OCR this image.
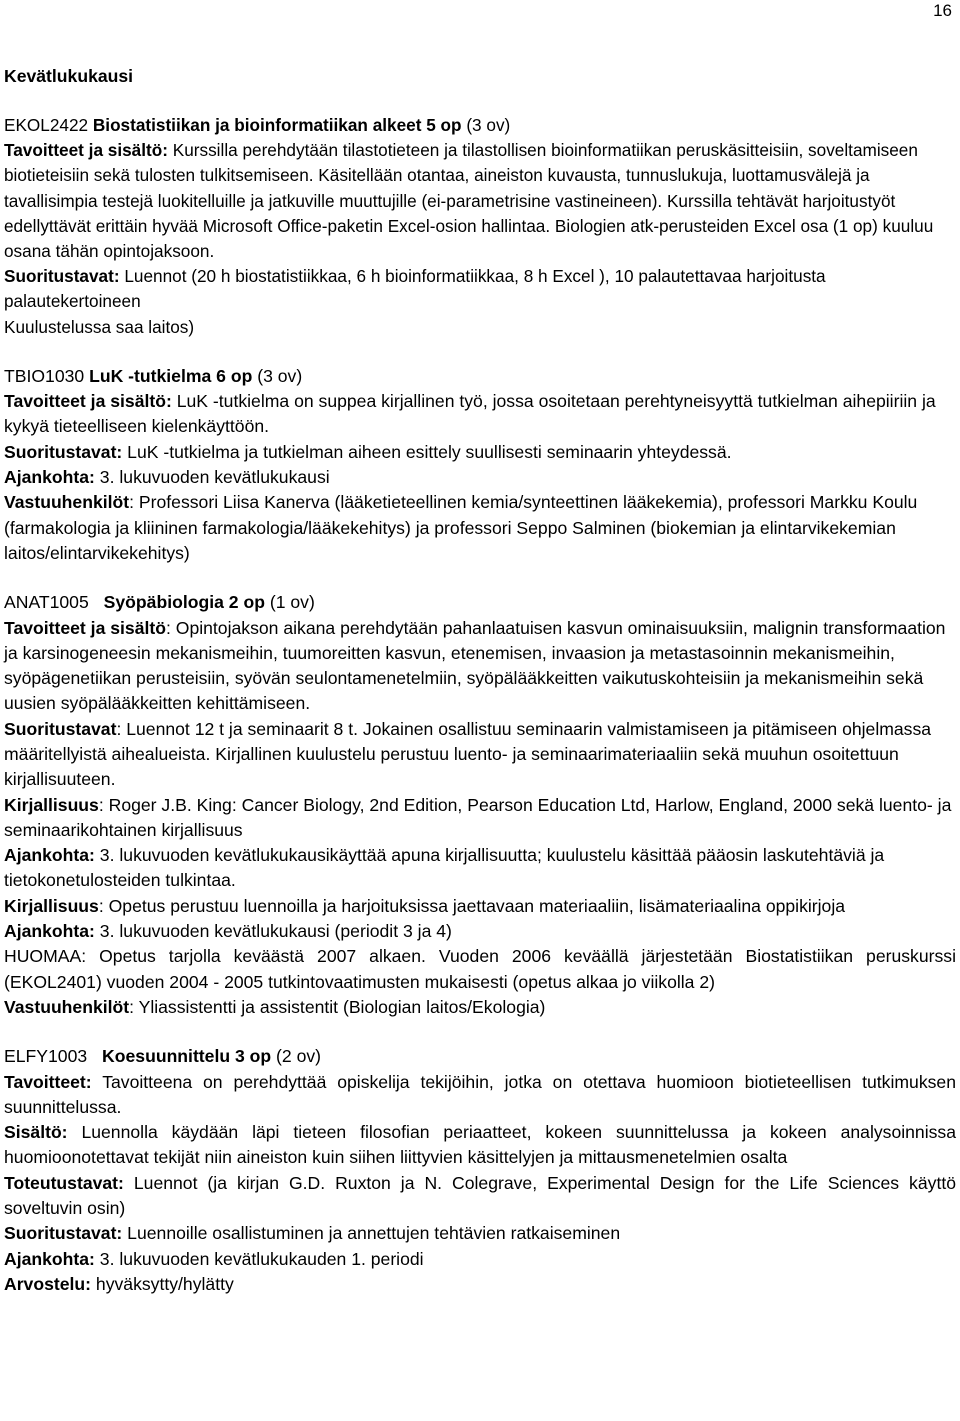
16

Kevätlukukausi

EKOL2422 Biostatistiikan ja bioinformatiikan alkeet 5 op (3 ov)

Tavoitteet ja sisältö: Kurssilla perehdytään tilastotieteen ja tilastollisen bioinformatiikan peruskäsitteisiin, soveltamiseen biotieteisiin sekä tulosten tulkitsemiseen. Käsitellään otantaa, aineiston kuvausta, tunnuslukuja, luottamusvälejä ja tavallisimpia testejä luokitelluille ja jatkuville muuttujille (ei-parametrisine vastineineen). Kurssilla tehtävät harjoitustyöt edellyttävät erittäin hyvää Microsoft Office-paketin Excel-osion hallintaa. Biologien atk-perusteiden Excel osa (1 op) kuuluu osana tähän opintojaksoon.

Suoritustavat: Luennot (20 h biostatistiikkaa, 6 h bioinformatiikkaa, 8 h Excel ), 10 palautettavaa harjoitusta palautekertoineen

Kuulustelussa saa laitos)

TBIO1030 LuK -tutkielma 6 op (3 ov)

Tavoitteet ja sisältö: LuK -tutkielma on suppea kirjallinen työ, jossa osoitetaan perehtyneisyyttä tutkielman aihepiiriin ja kykyä tieteelliseen kielenkäyttöön.

Suoritustavat: LuK -tutkielma ja tutkielman aiheen esittely suullisesti seminaarin yhteydessä.

Ajankohta: 3. lukuvuoden kevätlukukausi

Vastuuhenkilöt: Professori Liisa Kanerva (lääketieteellinen kemia/synteettinen lääkekemia), professori Markku Koulu (farmakologia ja kliininen farmakologia/lääkekehitys) ja professori Seppo Salminen (biokemian ja elintarvikekemian laitos/elintarvikekehitys)

ANAT1005 Syöpäbiologia 2 op (1 ov)

Tavoitteet ja sisältö: Opintojakson aikana perehdytään pahanlaatuisen kasvun ominaisuuksiin, malignin transformaation ja karsinogeneesin mekanismeihin, tuumoreitten kasvun, etenemisen, invaasion ja metastasoinnin mekanismeihin, syöpägenetiikan perusteisiin, syövän seulontamenetelmiin, syöpälääkkeitten vaikutuskohteisiin ja mekanismeihin sekä uusien syöpälääkkeitten kehittämiseen.

Suoritustavat: Luennot 12 t ja seminaarit 8 t. Jokainen osallistuu seminaarin valmistamiseen ja pitämiseen ohjelmassa määritellyistä aihealueista. Kirjallinen kuulustelu perustuu luento- ja seminaarimateriaaliin sekä muuhun osoitettuun kirjallisuuteen.

Kirjallisuus: Roger J.B. King: Cancer Biology, 2nd Edition, Pearson Education Ltd, Harlow, England, 2000 sekä luento- ja seminaarikohtainen kirjallisuus

Ajankohta: 3. lukuvuoden kevätlukukausikäyttää apuna kirjallisuutta; kuulustelu käsittää pääosin laskutehtäviä ja tietokonetulosteiden tulkintaa.

Kirjallisuus: Opetus perustuu luennoilla ja harjoituksissa jaettavaan materiaaliin, lisämateriaalina oppikirjoja

Ajankohta: 3. lukuvuoden kevätlukukausi (periodit 3 ja 4)

HUOMAA: Opetus tarjolla keväästä 2007 alkaen. Vuoden 2006 keväällä järjestetään Biostatistiikan peruskurssi (EKOL2401) vuoden 2004 - 2005 tutkintovaatimusten mukaisesti (opetus alkaa jo viikolla 2)

Vastuuhenkilöt: Yliassistentti ja assistentit (Biologian laitos/Ekologia)

ELFY1003 Koesuunnittelu 3 op (2 ov)

Tavoitteet: Tavoitteena on perehdyttää opiskelija tekijöihin, jotka on otettava huomioon biotieteellisen tutkimuksen suunnittelussa.

Sisältö: Luennolla käydään läpi tieteen filosofian periaatteet, kokeen suunnittelussa ja kokeen analysoinnissa huomioonotettavat tekijät niin aineiston kuin siihen liittyvien käsittelyjen ja mittausmenetelmien osalta

Toteutustavat: Luennot (ja kirjan G.D. Ruxton ja N. Colegrave, Experimental Design for the Life Sciences käyttö soveltuvin osin)

Suoritustavat: Luennoille osallistuminen ja annettujen tehtävien ratkaiseminen

Ajankohta: 3. lukuvuoden kevätlukukauden 1. periodi

Arvostelu: hyväksytty/hylätty
